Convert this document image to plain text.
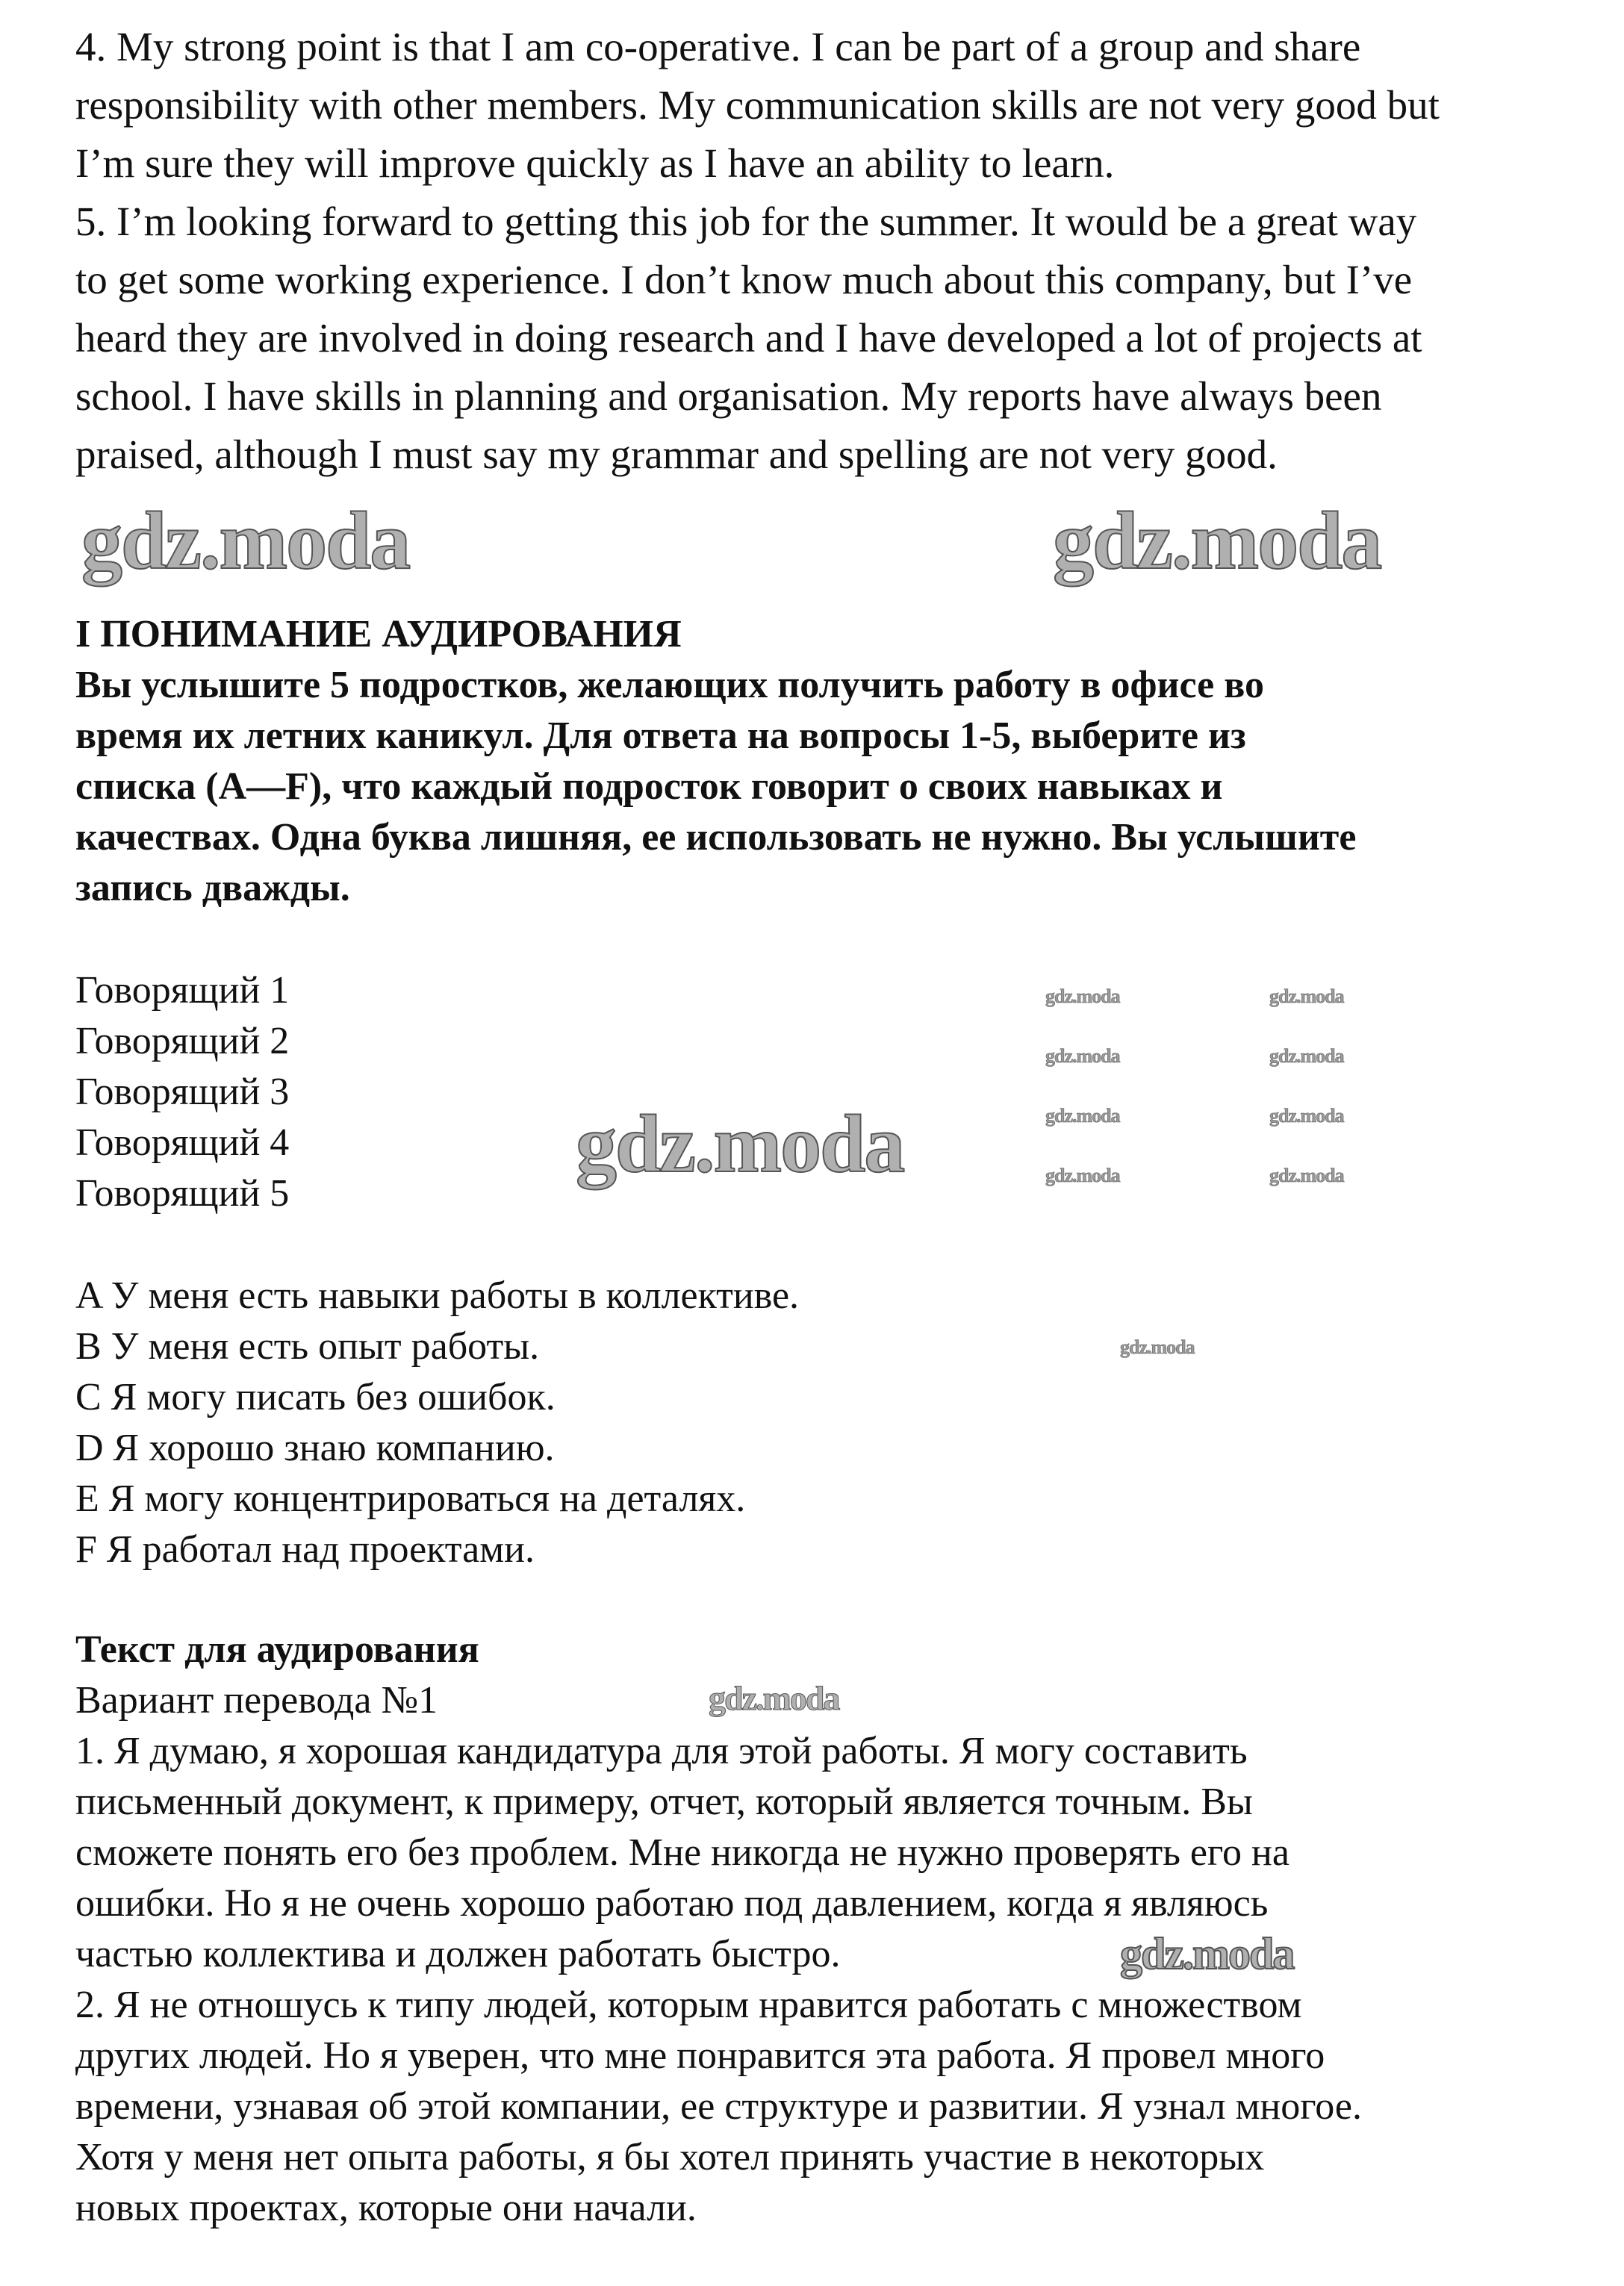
4. My strong point is that I am co-operative. I can be part of a group and share
responsibility with other members. My communication skills are not very good but
I’m sure they will improve quickly as I have an ability to learn.
5. I’m looking forward to getting this job for the summer. It would be a great way
to get some working experience. I don’t know much about this company, but I’ve
heard they are involved in doing research and I have developed a lot of projects at
school. I have skills in planning and organisation. My reports have always been
praised, although I must say my grammar and spelling are not very good.
I ПОНИМАНИЕ АУДИРОВАНИЯ
Вы услышите 5 подростков, желающих получить работу в офисе во
время их летних каникул. Для ответа на вопросы 1-5, выберите из
списка (A—F), что каждый подросток говорит о своих навыках и
качествах. Одна буква лишняя, ее использовать не нужно. Вы услышите
запись дважды.
Говорящий 1
Говорящий 2
Говорящий 3
Говорящий 4
Говорящий 5
A У меня есть навыки работы в коллективе.
B У меня есть опыт работы.
C Я могу писать без ошибок.
D Я хорошо знаю компанию.
E Я могу концентрироваться на деталях.
F Я работал над проектами.
Текст для аудирования
Вариант перевода №1
1. Я думаю, я хорошая кандидатура для этой работы. Я могу составить
письменный документ, к примеру, отчет, который является точным. Вы
сможете понять его без проблем. Мне никогда не нужно проверять его на
ошибки. Но я не очень хорошо работаю под давлением, когда я являюсь
частью коллектива и должен работать быстро.
2. Я не отношусь к типу людей, которым нравится работать с множеством
других людей. Но я уверен, что мне понравится эта работа. Я провел много
времени, узнавая об этой компании, ее структуре и развитии. Я узнал многое.
Хотя у меня нет опыта работы, я бы хотел принять участие в некоторых
новых проектах, которые они начали.
gdz.moda	gdz.moda
gdz.moda
gdz.moda
gdz.moda
gdz.moda	gdz.moda
gdz.moda	gdz.moda
gdz.moda	gdz.moda
gdz.moda	gdz.moda
gdz.moda
